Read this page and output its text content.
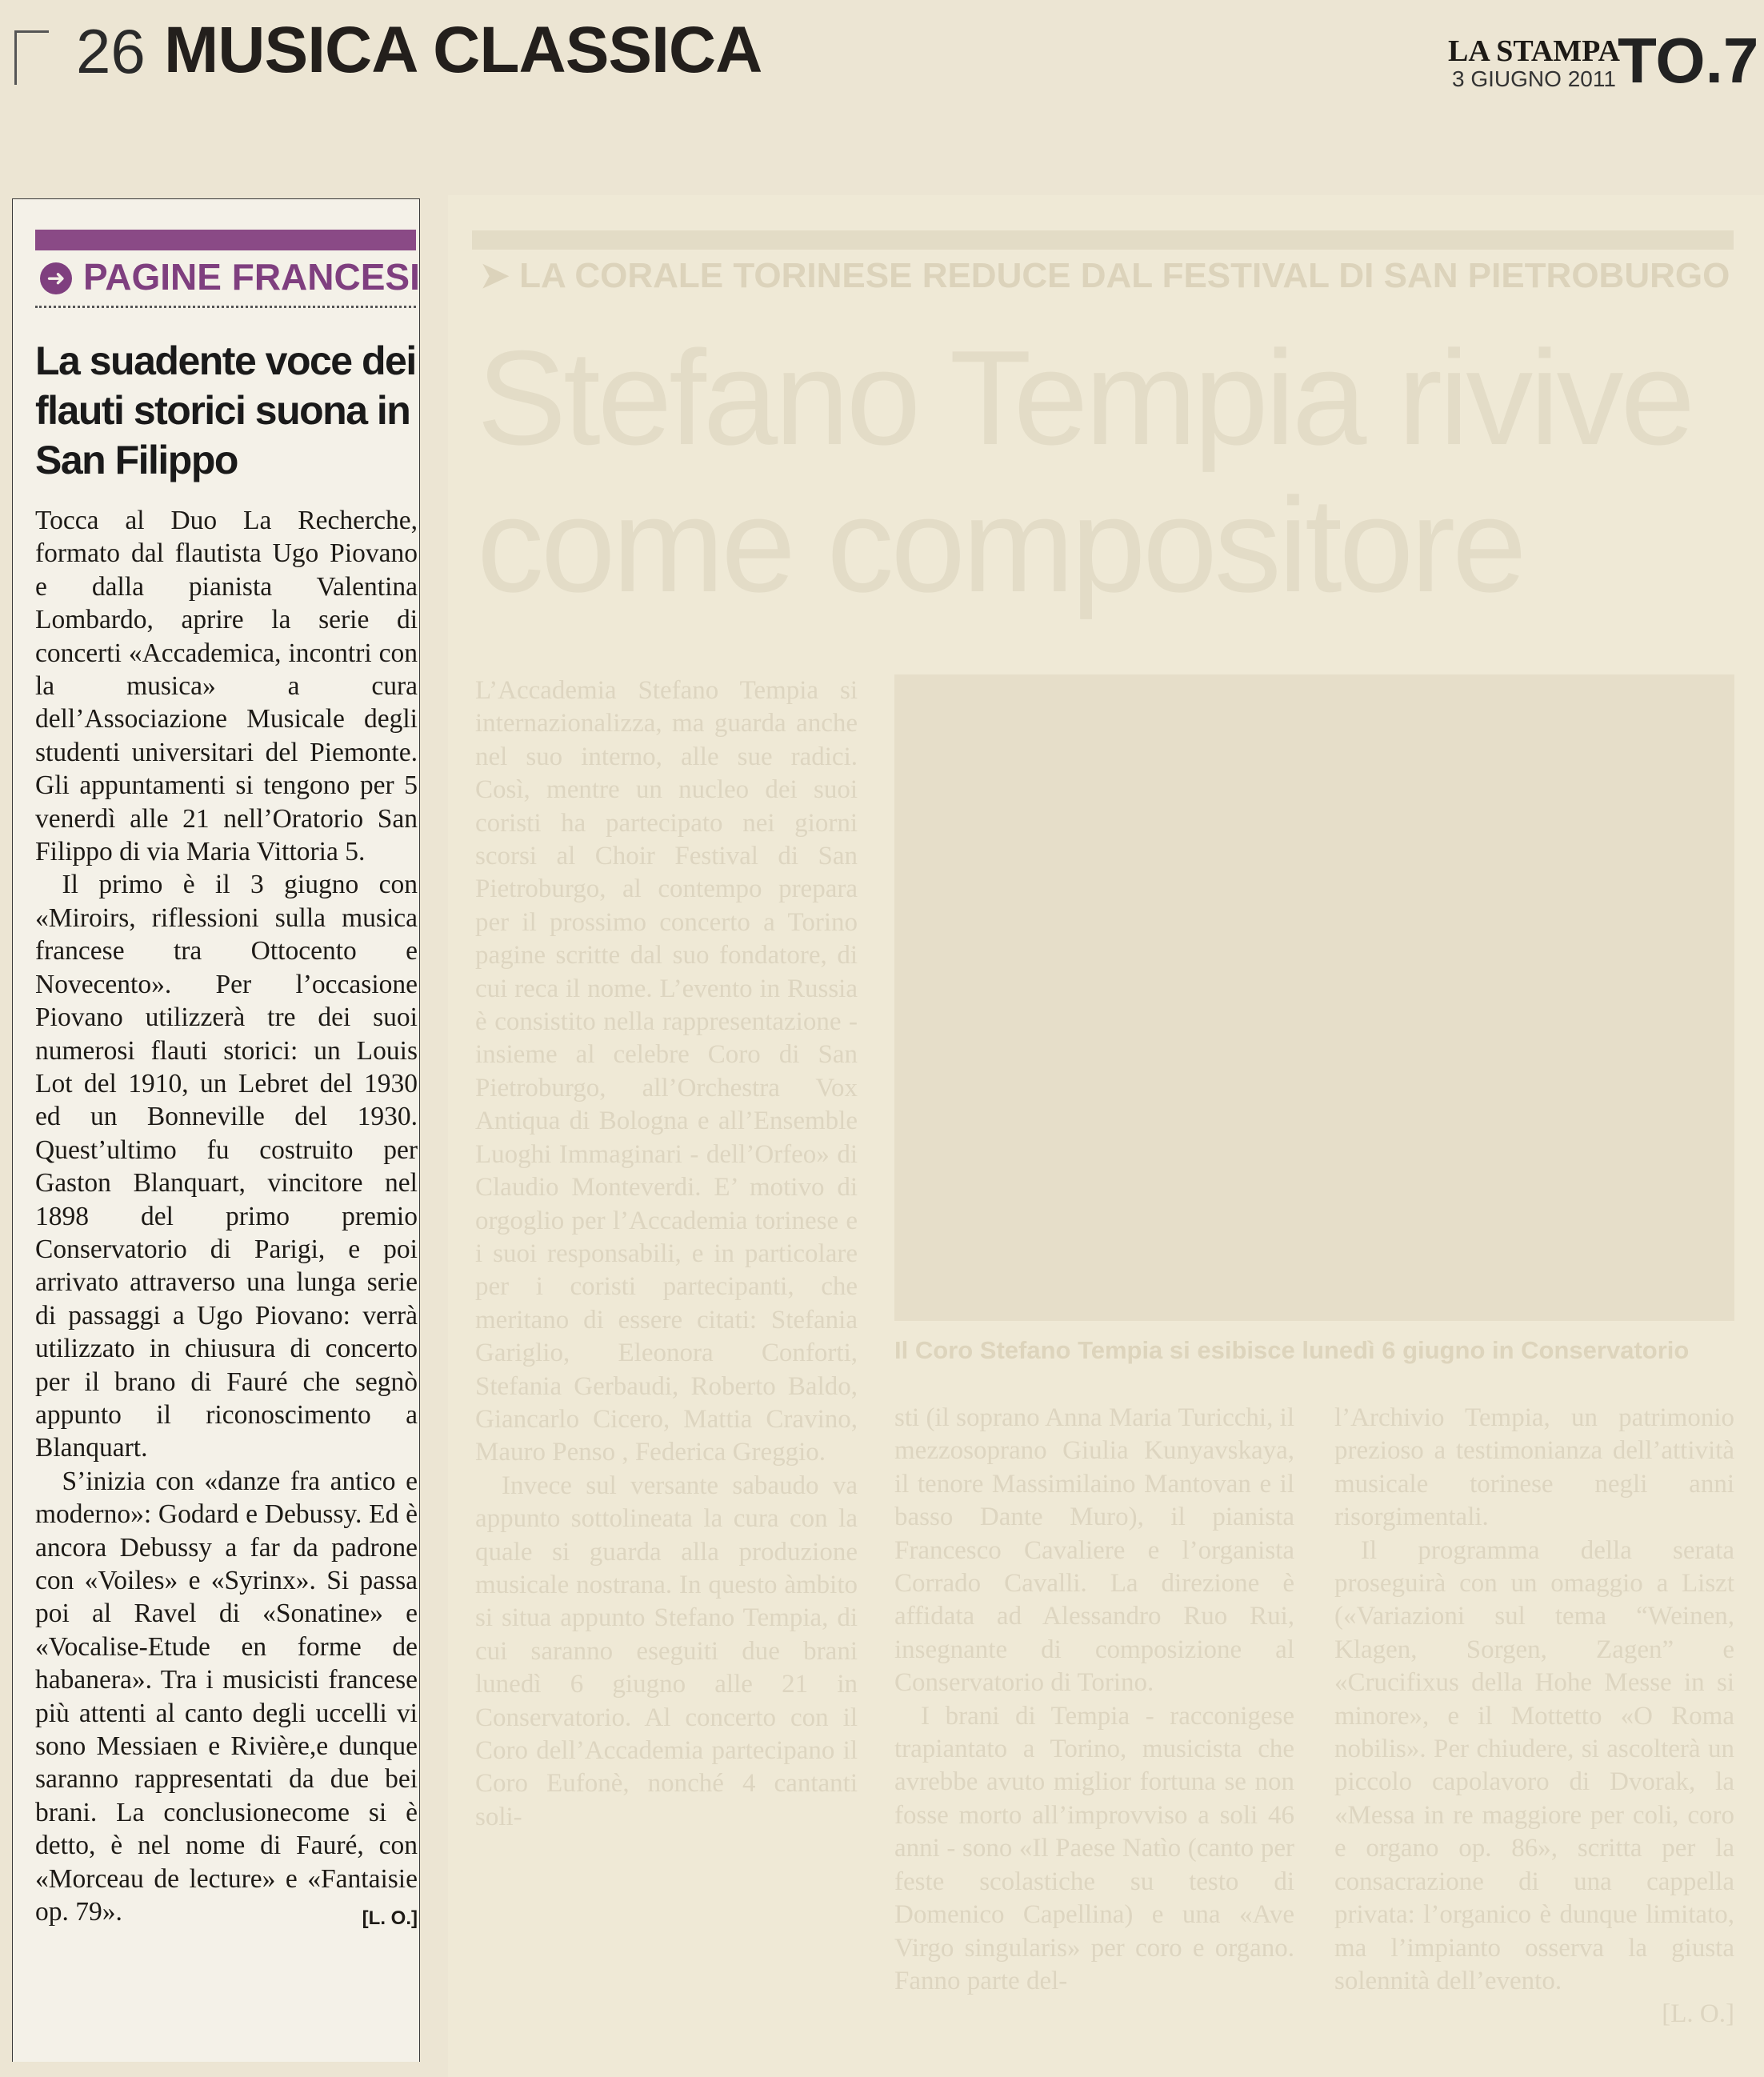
26 MUSICA CLASSICA	LA STAMPA
3 GIUGNO 2011 TO.7
➤ LA CORALE TORINESE REDUCE DAL FESTIVAL DI SAN PIETROBURGO
Stefano Tempia rivive come compositore
Il Coro Stefano Tempia si esibisce lunedì 6 giugno in Conservatorio

L’Accademia Stefano Tempia si internazionalizza, ma guarda anche nel suo interno, alle sue radici. Così, mentre un nucleo dei suoi coristi ha partecipato nei giorni scorsi al Choir Festival di San Pietroburgo, al contempo prepara per il prossimo concerto a Torino pagine scritte dal suo fondatore, di cui reca il nome. L’evento in Russia è consistito nella rappresentazione - insieme al celebre Coro di San Pietroburgo, all’Orchestra Vox Antiqua di Bologna e all’Ensemble Luoghi Immaginari - dell’Orfeo» di Claudio Monteverdi. E’ motivo di orgoglio per l’Accademia torinese e i suoi responsabili, e in particolare per i coristi partecipanti, che meritano di essere citati: Stefania Gariglio, Eleonora Conforti, Stefania Gerbaudi, Roberto Baldo, Giancarlo Cicero, Mattia Cravino, Mauro Penso , Federica Greggio.

Invece sul versante sabaudo va appunto sottolineata la cura con la quale si guarda alla produzione musicale nostrana. In questo àmbito si situa appunto Stefano Tempia, di cui saranno eseguiti due brani lunedì 6 giugno alle 21 in Conservatorio. Al concerto con il Coro dell’Accademia partecipano il Coro Eufonè, nonché 4 cantanti soli-

sti (il soprano Anna Maria Turicchi, il mezzosoprano Giulia Kunyavskaya, il tenore Massimilaino Mantovan e il basso Dante Muro), il pianista Francesco Cavaliere e l’organista Corrado Cavalli. La direzione è affidata ad Alessandro Ruo Rui, insegnante di composizione al Conservatorio di Torino.

I brani di Tempia - racconigese trapiantato a Torino, musicista che avrebbe avuto miglior fortuna se non fosse morto all’improvviso a soli 46 anni - sono «Il Paese Natìo (canto per feste scolastiche su testo di Domenico Capellina) e una «Ave Virgo singularis» per coro e organo. Fanno parte del-

l’Archivio Tempia, un patrimonio prezioso a testimonianza dell’attività musicale torinese negli anni risorgimentali.

Il programma della serata proseguirà con un omaggio a Liszt («Variazioni sul tema “Weinen, Klagen, Sorgen, Zagen” e «Crucifixus della Hohe Messe in si minore», e il Mottetto «O Roma nobilis». Per chiudere, si ascolterà un piccolo capolavoro di Dvorak, la «Messa in re maggiore per coli, coro e organo op. 86», scritta per la consacrazione di una cappella privata: l’organico è dunque limitato, ma l’impianto osserva la giusta solennità dell’evento.

[L. O.]

➜ PAGINE FRANCESI
La suadente voce dei flauti storici suona in San Filippo

Tocca al Duo La Recherche, formato dal flautista Ugo Piovano e dalla pianista Valentina Lombardo, aprire la serie di concerti «Accademica, incontri con la musica» a cura dell’Associazione Musicale degli studenti universitari del Piemonte. Gli appuntamenti si tengono per 5 venerdì alle 21 nell’Oratorio San Filippo di via Maria Vittoria 5.

Il primo è il 3 giugno con «Miroirs, riflessioni sulla musica francese tra Ottocento e Novecento». Per l’occasione Piovano utilizzerà tre dei suoi numerosi flauti storici: un Louis Lot del 1910, un Lebret del 1930 ed un Bonneville del 1930. Quest’ultimo fu costruito per Gaston Blanquart, vincitore nel 1898 del primo premio Conservatorio di Parigi, e poi arrivato attraverso una lunga serie di passaggi a Ugo Piovano: verrà utilizzato in chiusura di concerto per il brano di Fauré che segnò appunto il riconoscimento a Blanquart.

S’inizia con «danze fra antico e moderno»: Godard e Debussy. Ed è ancora Debussy a far da padrone con «Voiles» e «Syrinx». Si passa poi al Ravel di «Sonatine» e «Vocalise-Etude en forme de habanera». Tra i musicisti francese più attenti al canto degli uccelli vi sono Messiaen e Rivière,e dunque saranno rappresentati da due bei brani. La conclusionecome si è detto, è nel nome di Fauré, con «Morceau de lecture» e «Fantaisie op. 79».	[L. O.]
